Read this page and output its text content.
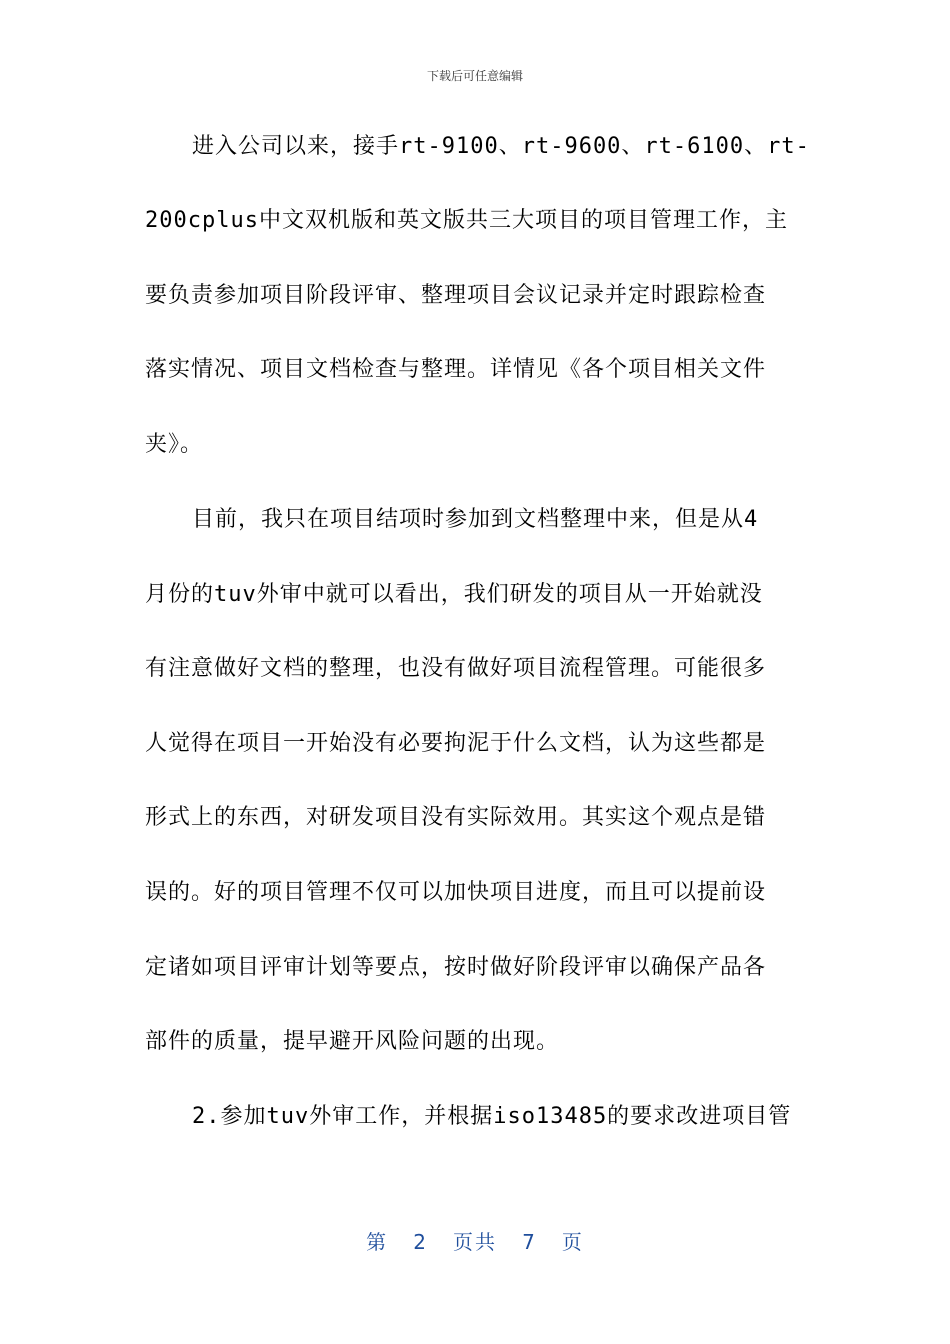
下载后可任意编辑
进入公司以来，接手rt-9100、rt-9600、rt-6100、rt-
200cplus中文双机版和英文版共三大项目的项目管理工作，主
要负责参加项目阶段评审、整理项目会议记录并定时跟踪检查
落实情况、项目文档检查与整理。详情见《各个项目相关文件
夹》。
目前，我只在项目结项时参加到文档整理中来，但是从4
月份的tuv外审中就可以看出，我们研发的项目从一开始就没
有注意做好文档的整理，也没有做好项目流程管理。可能很多
人觉得在项目一开始没有必要拘泥于什么文档，认为这些都是
形式上的东西，对研发项目没有实际效用。其实这个观点是错
误的。好的项目管理不仅可以加快项目进度，而且可以提前设
定诸如项目评审计划等要点，按时做好阶段评审以确保产品各
部件的质量，提早避开风险问题的出现。
2.参加tuv外审工作，并根据iso13485的要求改进项目管
第 2 页共 7 页
